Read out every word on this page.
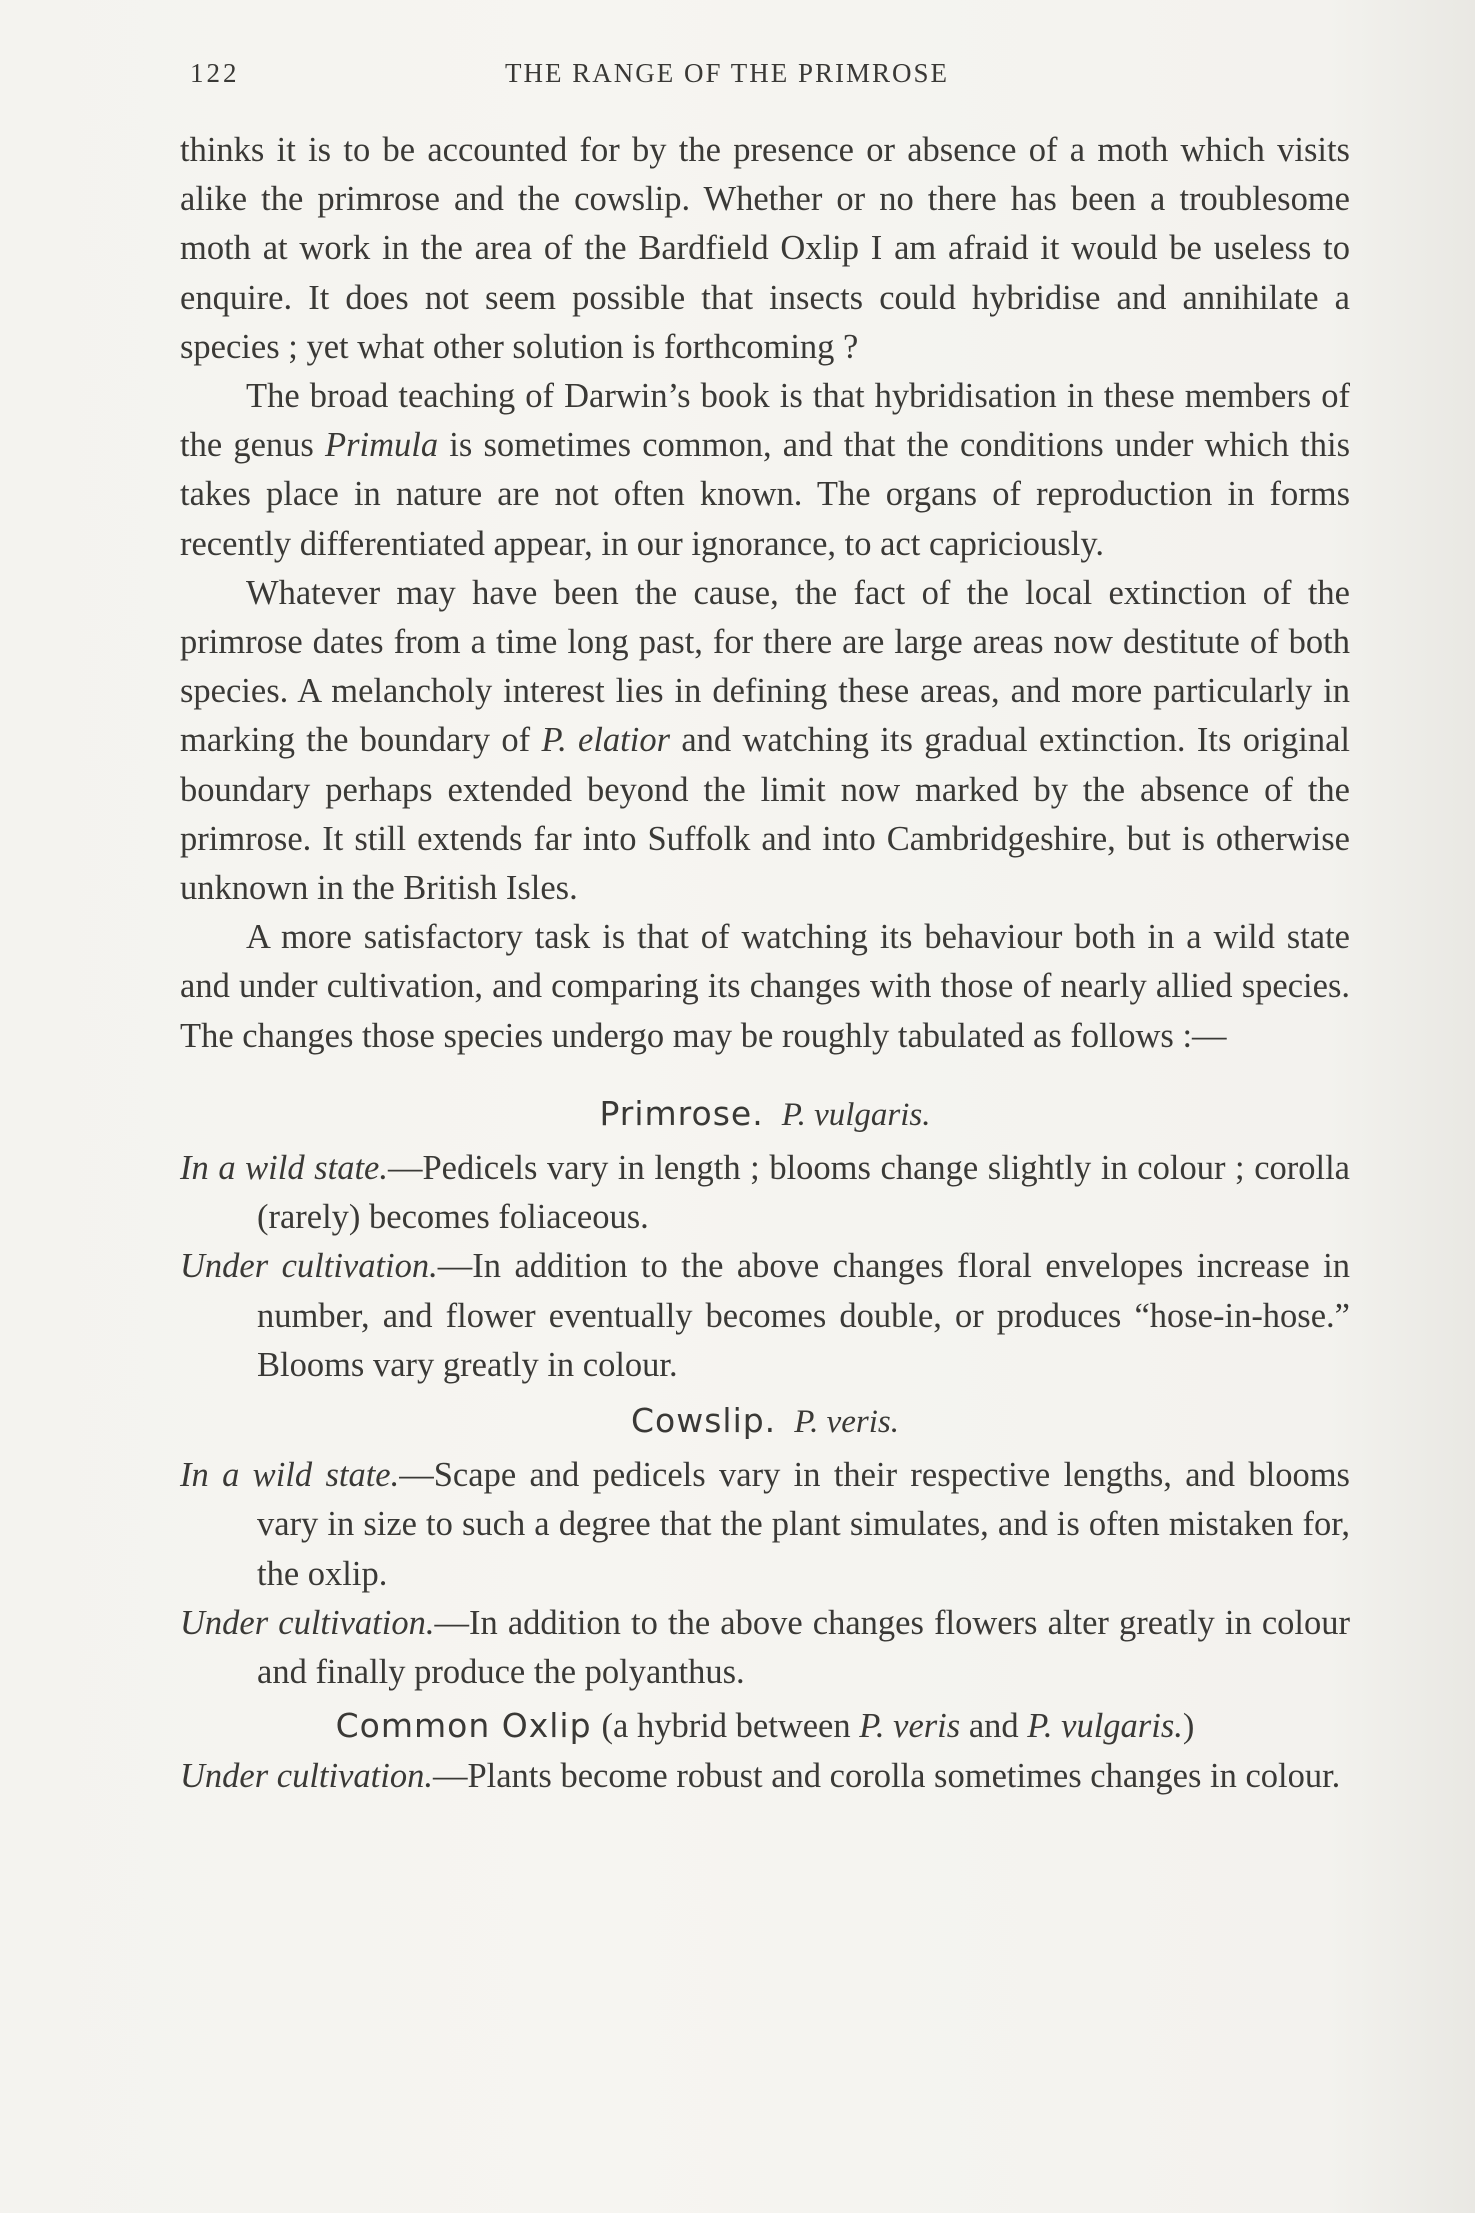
122	THE RANGE OF THE PRIMROSE

thinks it is to be accounted for by the presence or absence of a moth which visits alike the primrose and the cowslip. Whether or no there has been a troublesome moth at work in the area of the Bardfield Oxlip I am afraid it would be useless to enquire. It does not seem possible that insects could hybridise and annihilate a species ; yet what other solution is forthcoming ?

The broad teaching of Darwin’s book is that hybridisation in these members of the genus Primula is sometimes common, and that the conditions under which this takes place in nature are not often known. The organs of reproduction in forms recently differentiated appear, in our ignorance, to act capriciously.

Whatever may have been the cause, the fact of the local extinction of the primrose dates from a time long past, for there are large areas now destitute of both species. A melancholy interest lies in defining these areas, and more particularly in marking the boundary of P. elatior and watching its gradual extinction. Its original boundary perhaps extended beyond the limit now marked by the absence of the primrose. It still extends far into Suffolk and into Cambridgeshire, but is otherwise unknown in the British Isles.

A more satisfactory task is that of watching its behaviour both in a wild state and under cultivation, and comparing its changes with those of nearly allied species. The changes those species undergo may be roughly tabulated as follows :—

Primrose. P. vulgaris.

In a wild state.—Pedicels vary in length ; blooms change slightly in colour ; corolla (rarely) becomes foliaceous.

Under cultivation.—In addition to the above changes floral envelopes increase in number, and flower eventually becomes double, or produces “hose-in-hose.” Blooms vary greatly in colour.

Cowslip. P. veris.

In a wild state.—Scape and pedicels vary in their respective lengths, and blooms vary in size to such a degree that the plant simulates, and is often mistaken for, the oxlip.

Under cultivation.—In addition to the above changes flowers alter greatly in colour and finally produce the polyanthus.

Common Oxlip (a hybrid between P. veris and P. vulgaris.)

Under cultivation.—Plants become robust and corolla sometimes changes in colour.
